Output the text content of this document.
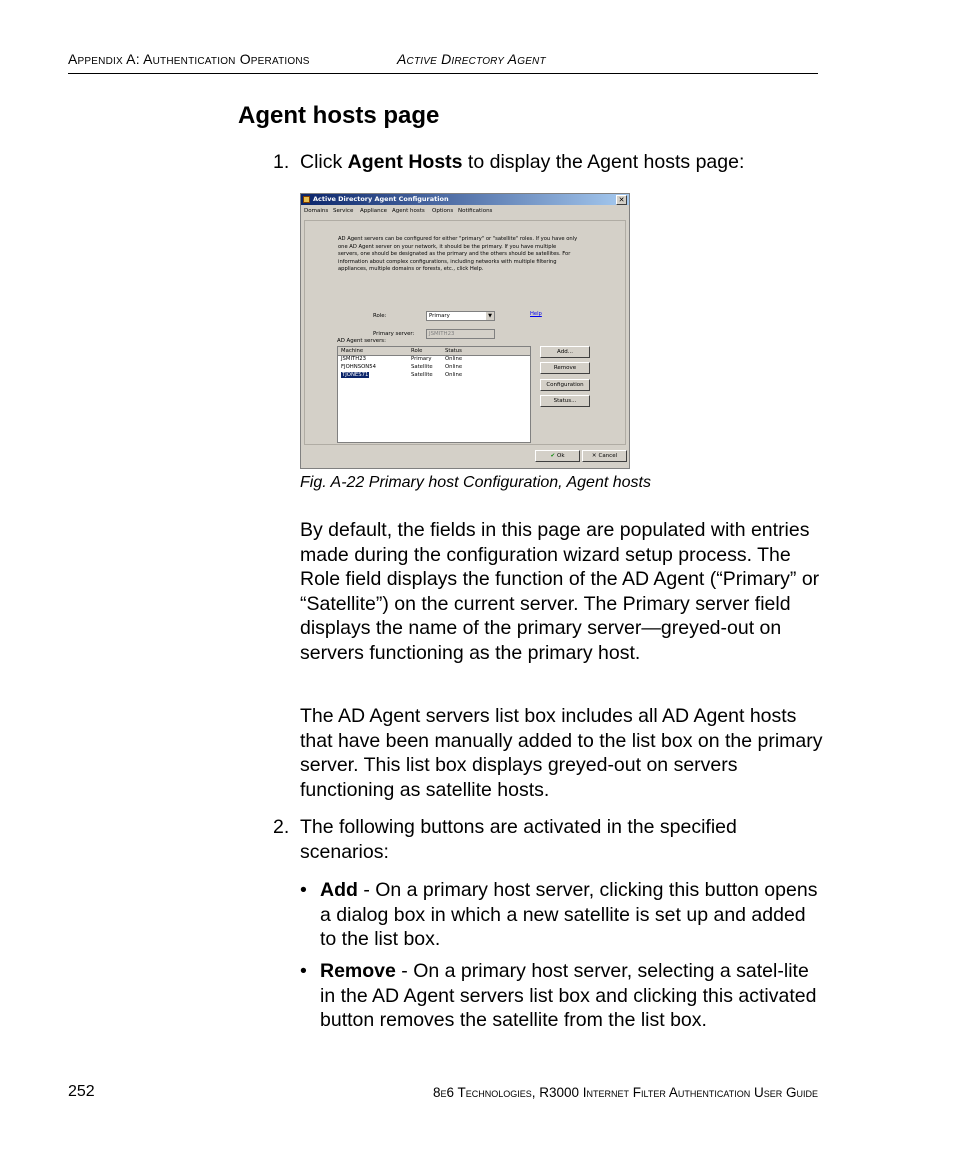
Appendix A: Authentication Operations	Active Directory Agent
Agent hosts page
1. Click Agent Hosts to display the Agent hosts page:
Active Directory Agent Configuration	✕
Domains Service Appliance Agent hosts Options Notifications
AD Agent servers can be configured for either "primary" or "satellite" roles. If you have only one AD Agent server on your network, it should be the primary. If you have multiple servers, one should be designated as the primary and the others should be satellites. For information about complex configurations, including networks with multiple filtering appliances, multiple domains or forests, etc., click Help.
Role:	Primary	▼	Help
Primary server:	JSMITH23
AD Agent servers:
Machine	Role	Status
JSMITH23	Primary	Online
FJOHNSON54	Satellite Online
TJONES71	Satellite Online
Add...
Remove
Configuration
Status...
✔ Ok	✕ Cancel
Fig. A-22 Primary host Configuration, Agent hosts

By default, the fields in this page are populated with entries made during the configuration wizard setup process. The Role field displays the function of the AD Agent (“Primary” or “Satellite”) on the current server. The Primary server field displays the name of the primary server—greyed-out on servers functioning as the primary host.

The AD Agent servers list box includes all AD Agent hosts that have been manually added to the list box on the primary server. This list box displays greyed-out on servers functioning as satellite hosts.

2. The following buttons are activated in the specified scenarios:
• Add - On a primary host server, clicking this button opens a dialog box in which a new satellite is set up and added to the list box.
• Remove - On a primary host server, selecting a satel-lite in the AD Agent servers list box and clicking this activated button removes the satellite from the list box.
252	8e6 Technologies, R3000 Internet Filter Authentication User Guide
